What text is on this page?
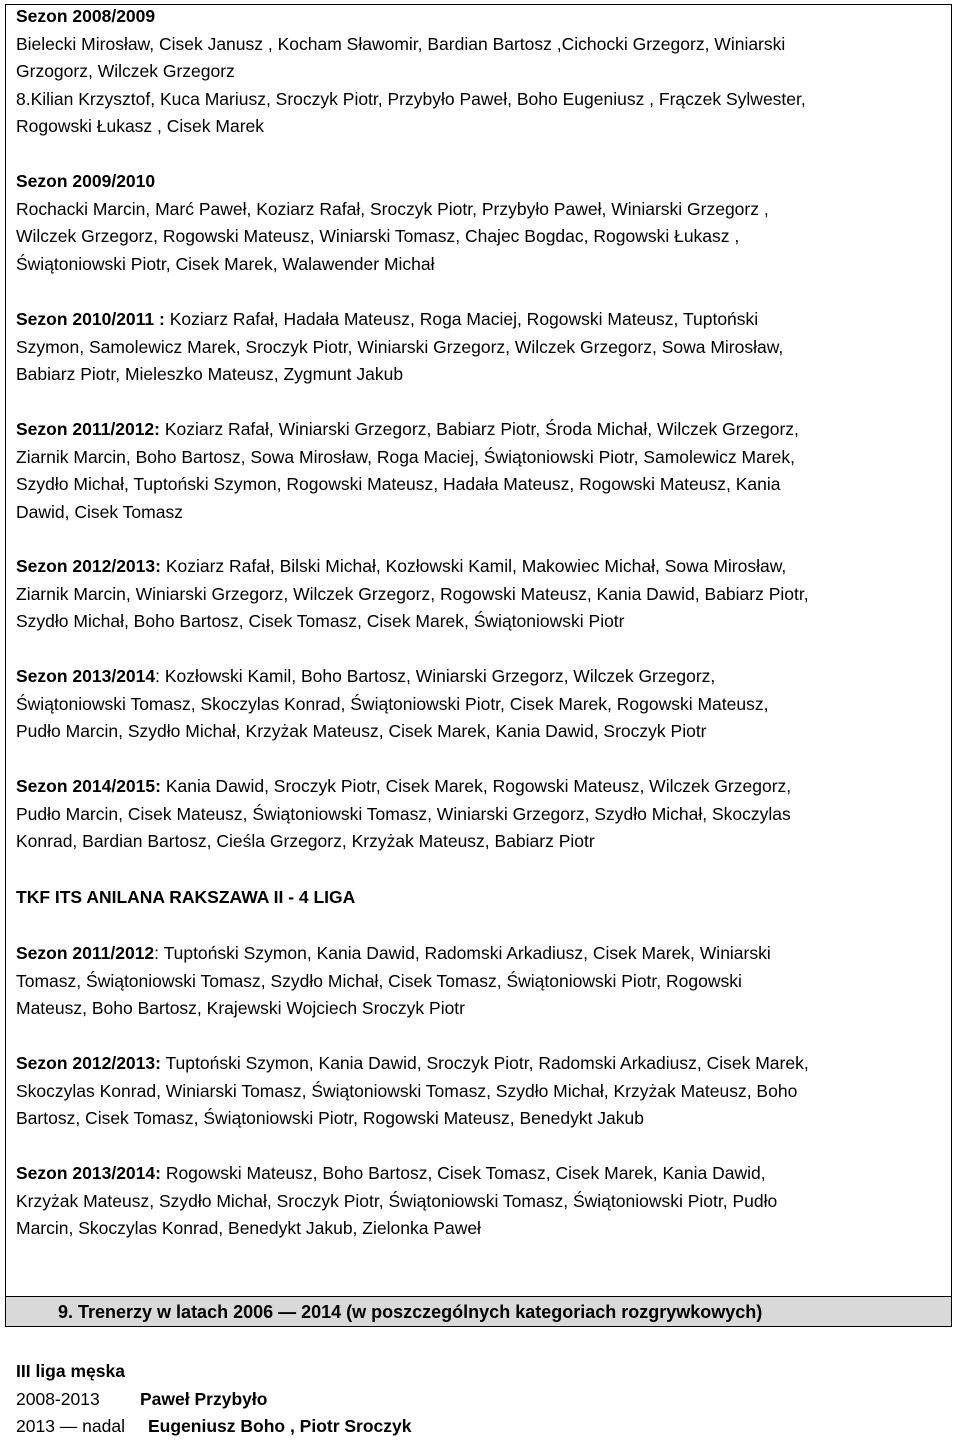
Sezon 2008/2009
Bielecki Mirosław, Cisek Janusz , Kocham Sławomir, Bardian Bartosz ,Cichocki Grzegorz, Winiarski
Grzogorz, Wilczek Grzegorz
8.Kilian Krzysztof, Kuca Mariusz, Sroczyk Piotr, Przybyło Paweł, Boho Eugeniusz , Frączek Sylwester,
Rogowski Łukasz , Cisek Marek
Sezon 2009/2010
Rochacki Marcin, Marć Paweł, Koziarz Rafał, Sroczyk Piotr, Przybyło Paweł, Winiarski Grzegorz ,
Wilczek Grzegorz, Rogowski Mateusz, Winiarski Tomasz, Chajec Bogdac, Rogowski Łukasz ,
Świątoniowski Piotr, Cisek Marek, Walawender Michał
Sezon 2010/2011 : Koziarz Rafał, Hadała Mateusz, Roga Maciej, Rogowski Mateusz, Tuptoński
Szymon, Samolewicz Marek, Sroczyk Piotr, Winiarski Grzegorz, Wilczek Grzegorz, Sowa Mirosław,
Babiarz Piotr, Mieleszko Mateusz, Zygmunt Jakub
Sezon 2011/2012: Koziarz Rafał, Winiarski Grzegorz, Babiarz Piotr, Środa Michał, Wilczek Grzegorz,
Ziarnik Marcin, Boho Bartosz, Sowa Mirosław, Roga Maciej, Świątoniowski Piotr, Samolewicz Marek,
Szydło Michał, Tuptoński Szymon, Rogowski Mateusz, Hadała Mateusz, Rogowski Mateusz, Kania
Dawid, Cisek Tomasz
Sezon 2012/2013: Koziarz Rafał, Bilski Michał, Kozłowski Kamil, Makowiec Michał, Sowa Mirosław,
Ziarnik Marcin, Winiarski Grzegorz, Wilczek Grzegorz, Rogowski Mateusz, Kania Dawid, Babiarz Piotr,
Szydło Michał, Boho Bartosz, Cisek Tomasz, Cisek Marek, Świątoniowski Piotr
Sezon 2013/2014: Kozłowski Kamil, Boho Bartosz, Winiarski Grzegorz, Wilczek Grzegorz,
Świątoniowski Tomasz, Skoczylas Konrad, Świątoniowski Piotr, Cisek Marek, Rogowski Mateusz,
Pudło Marcin, Szydło Michał, Krzyżak Mateusz, Cisek Marek, Kania Dawid, Sroczyk Piotr
Sezon 2014/2015: Kania Dawid, Sroczyk Piotr, Cisek Marek, Rogowski Mateusz, Wilczek Grzegorz,
Pudło Marcin, Cisek Mateusz, Świątoniowski Tomasz, Winiarski Grzegorz, Szydło Michał, Skoczylas
Konrad, Bardian Bartosz, Cieśla Grzegorz, Krzyżak Mateusz, Babiarz Piotr
TKF ITS ANILANA RAKSZAWA II - 4 LIGA
Sezon 2011/2012: Tuptoński Szymon, Kania Dawid, Radomski Arkadiusz, Cisek Marek, Winiarski
Tomasz, Świątoniowski Tomasz, Szydło Michał, Cisek Tomasz, Świątoniowski Piotr, Rogowski
Mateusz, Boho Bartosz, Krajewski Wojciech Sroczyk Piotr
Sezon 2012/2013: Tuptoński Szymon, Kania Dawid, Sroczyk Piotr, Radomski Arkadiusz, Cisek Marek,
Skoczylas Konrad, Winiarski Tomasz, Świątoniowski Tomasz, Szydło Michał, Krzyżak Mateusz, Boho
Bartosz, Cisek Tomasz, Świątoniowski Piotr, Rogowski Mateusz, Benedykt Jakub
Sezon 2013/2014: Rogowski Mateusz, Boho Bartosz, Cisek Tomasz, Cisek Marek, Kania Dawid,
Krzyżak Mateusz, Szydło Michał, Sroczyk Piotr, Świątoniowski Tomasz, Świątoniowski Piotr, Pudło
Marcin, Skoczylas Konrad, Benedykt Jakub, Zielonka Paweł
9. Trenerzy w latach 2006 — 2014 (w poszczególnych kategoriach rozgrywkowych)
III liga męska
2008-2013 Paweł Przybyło
2013 — nadal Eugeniusz Boho , Piotr Sroczyk
